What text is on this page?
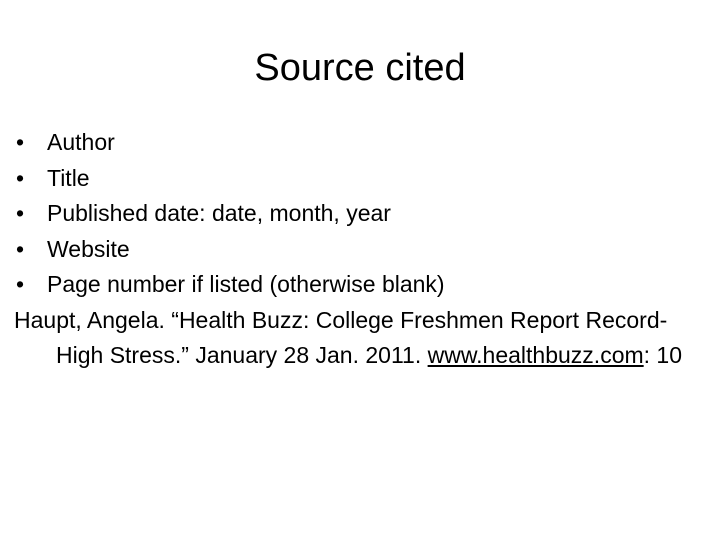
Source cited
• Author
• Title
• Published date: date, month, year
• Website
• Page number if listed (otherwise blank)

Haupt, Angela. “Health Buzz: College Freshmen Report Record-High Stress.” January 28 Jan. 2011. www.healthbuzz.com: 10
